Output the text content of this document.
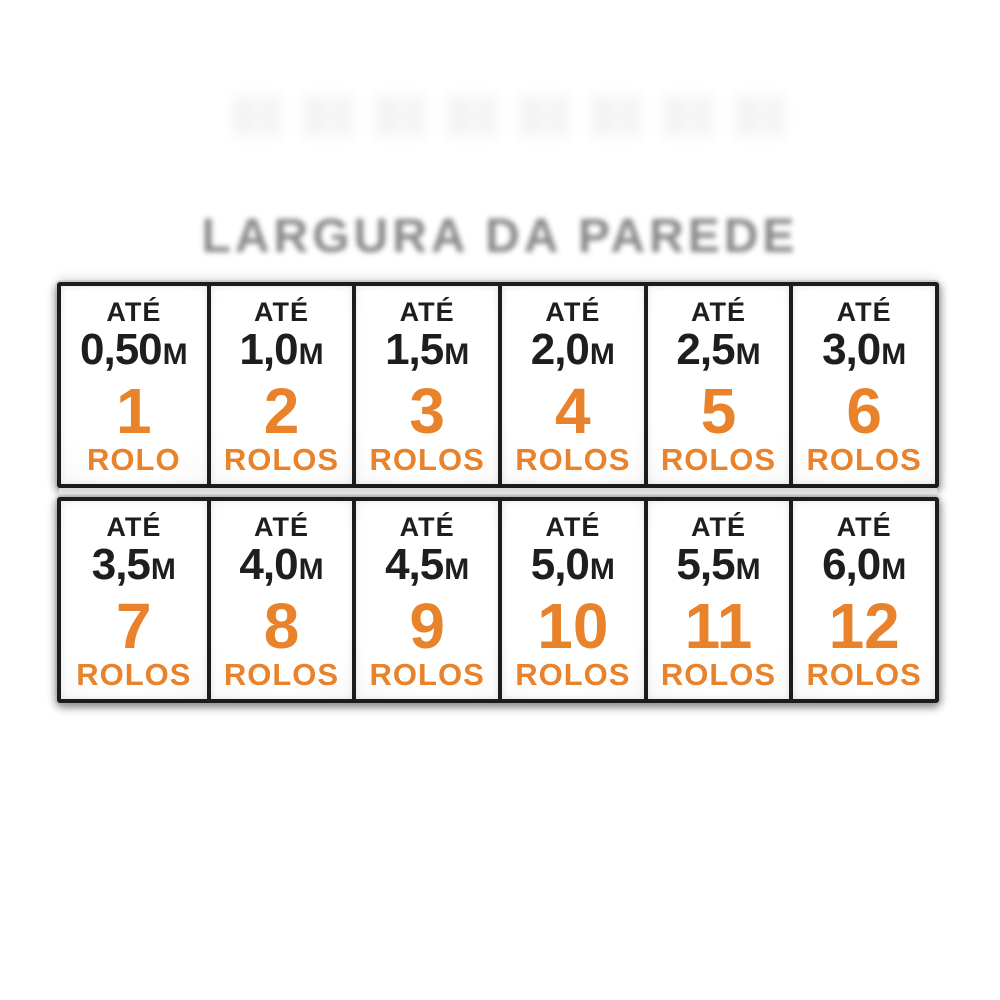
LARGURA DA PAREDE
ATÉ
0,50 M
1
ROLO
ATÉ
1,0 M
2
ROLOS
ATÉ
1,5 M
3
ROLOS
ATÉ
2,0 M
4
ROLOS
ATÉ
2,5 M
5
ROLOS
ATÉ
3,0 M
6
ROLOS
ATÉ
3,5 M
7
ROLOS
ATÉ
4,0 M
8
ROLOS
ATÉ
4,5 M
9
ROLOS
ATÉ
5,0 M
10
ROLOS
ATÉ
5,5 M
11
ROLOS
ATÉ
6,0 M
12
ROLOS
